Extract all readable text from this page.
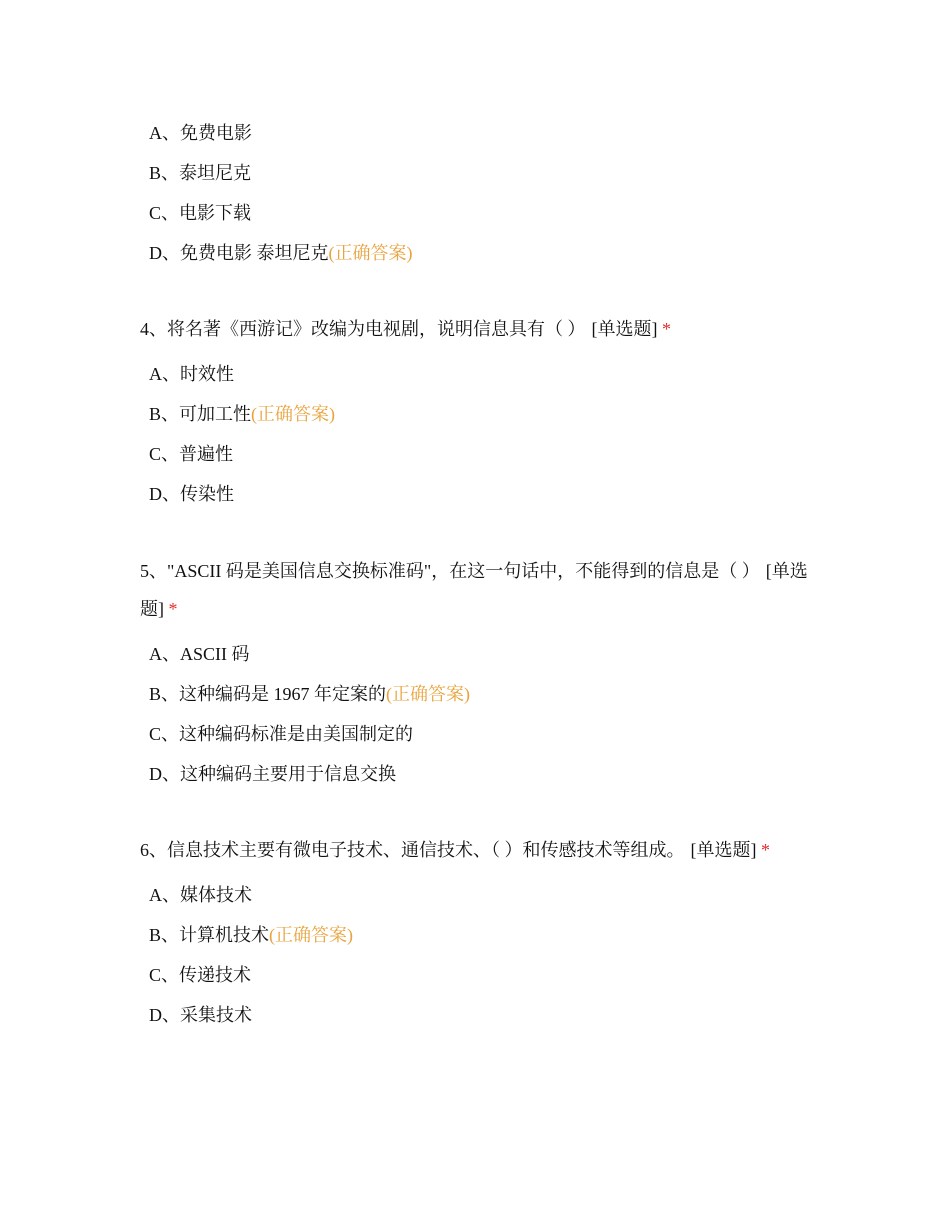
A、免费电影
B、泰坦尼克
C、电影下载
D、免费电影 泰坦尼克(正确答案)

4、将名著《西游记》改编为电视剧，说明信息具有（ ） [单选题] *

A、时效性
B、可加工性(正确答案)
C、普遍性
D、传染性

5、"ASCII 码是美国信息交换标准码"，在这一句话中，不能得到的信息是（ ） [单选题] *

A、ASCII 码
B、这种编码是 1967 年定案的(正确答案)
C、这种编码标准是由美国制定的
D、这种编码主要用于信息交换

6、信息技术主要有微电子技术、通信技术、（ ）和传感技术等组成。 [单选题] *

A、媒体技术
B、计算机技术(正确答案)
C、传递技术
D、采集技术
